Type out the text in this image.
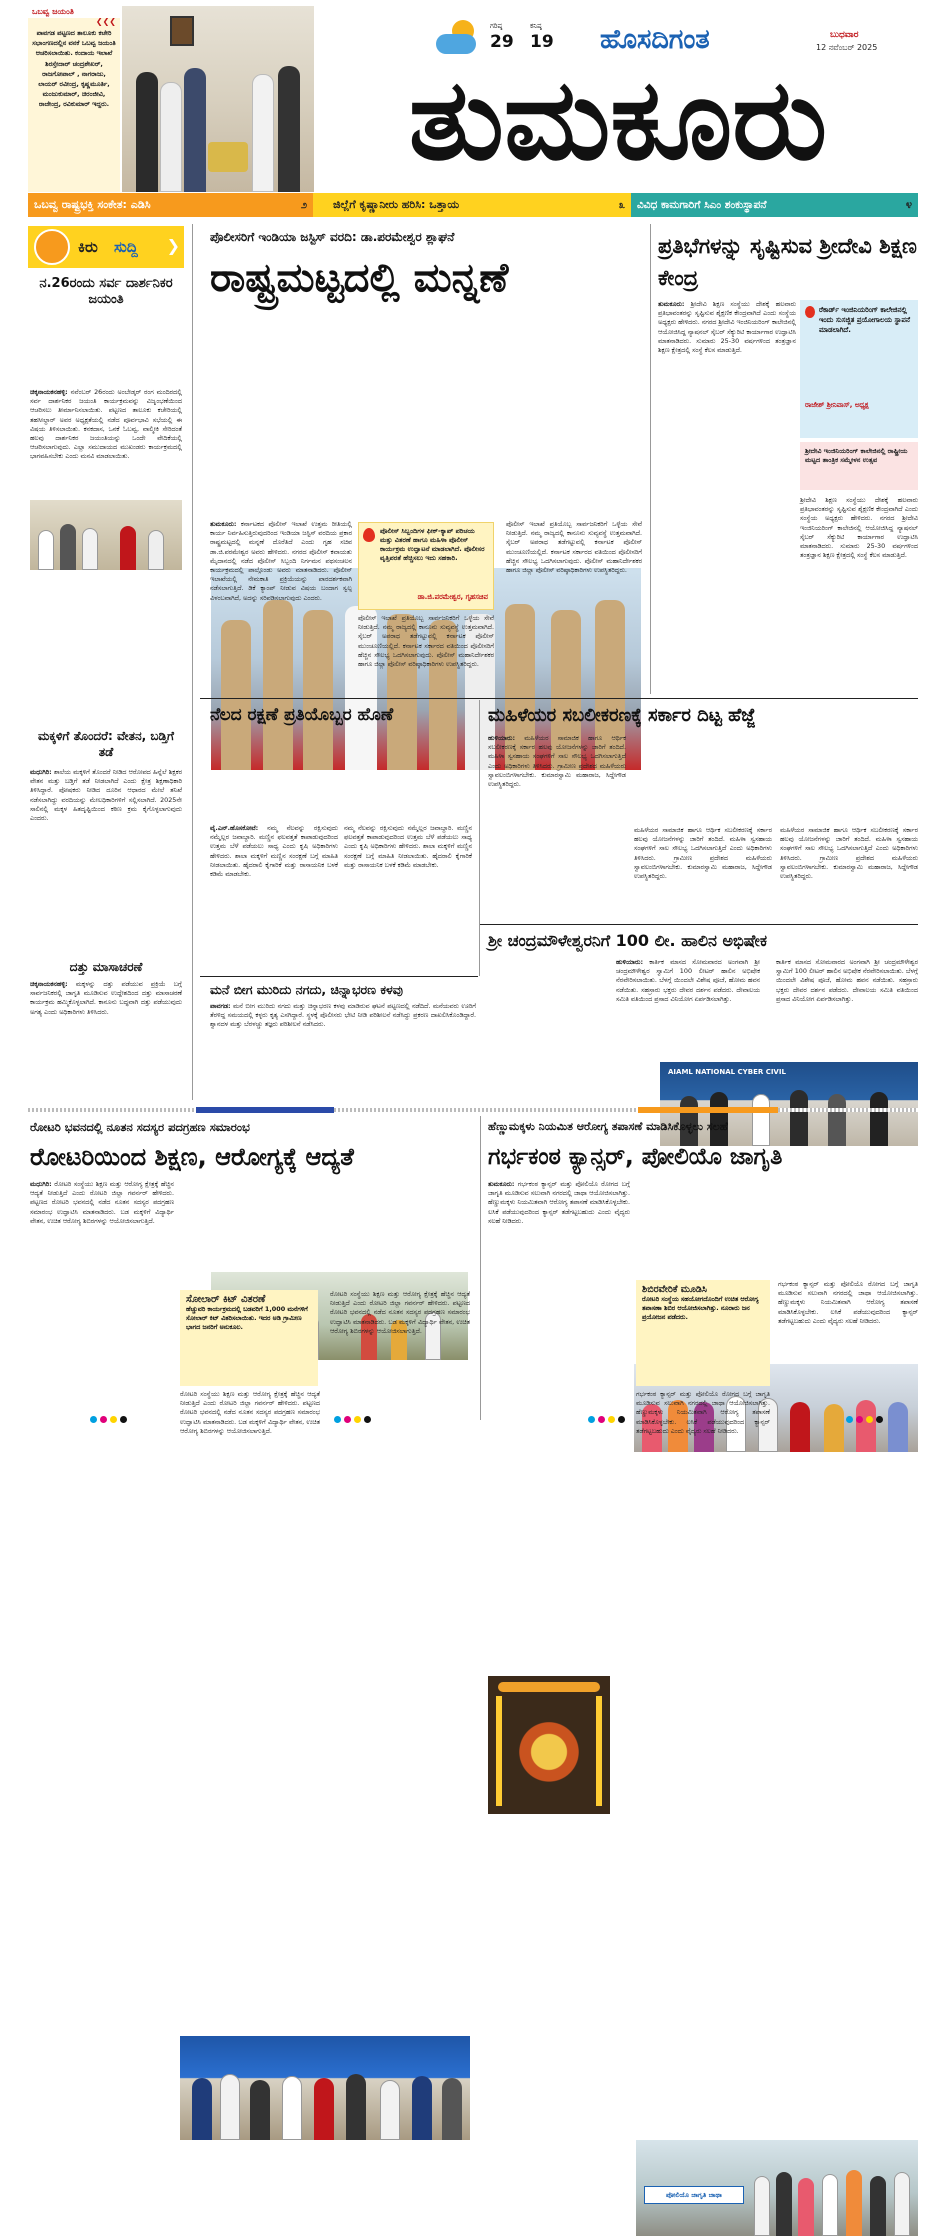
ಒಬವ್ವ ಜಯಂತಿ
❮❮❮
ಪಾವಗಡ ಪಟ್ಟಣದ ತಾಲೂಕು ಕಚೇರಿ ಸಭಾಂಗಣದಲ್ಲಿನ ವನಕೆ ಒಬವ್ವ ಜಯಂತಿ ಆಚರಿಸಲಾಯಿತು. ಕಂದಾಯ ಇಲಾಖೆ ಶಿರಸ್ತೇದಾರ್ ಚಂದ್ರಶೇಖರ್, ರಾಜಗೋಪಾಲ್ , ನಾಗರಾಜು, ಲಾಯರ್ ರವೀಂದ್ರ, ಕೃಷ್ಣಮೂರ್ತಿ, ಮಂಜುಕುಮಾರ್, ಚಿರಂಜೀವಿ, ರಾಜೇಂದ್ರ, ರವಿಕುಮಾರ್ ಇದ್ದರು.
ಗರಿಷ್ಠ
29
ಕನಿಷ್ಠ
19 ಹೊಸದಿಗಂತ	ಬುಧವಾರ
12 ನವೆಂಬರ್ 2025
ತುಮಕೂರು
ಒಬವ್ವ ರಾಷ್ಟ್ರಭಕ್ತಿ ಸಂಕೇತ: ಎಡಿಸಿ	೨ ಜಿಲ್ಲೆಗೆ ಕೃಷ್ಣಾನೀರು ಹರಿಸಿ: ಒತ್ತಾಯ	೩ ವಿವಿಧ ಕಾಮಗಾರಿಗೆ ಸಿಎಂ ಶಂಕುಸ್ಥಾಪನೆ	೪
ಕಿರು ಸುದ್ದಿ ❯
ನ.26ರಂದು ಸರ್ವ ದಾರ್ಶನಿಕರ ಜಯಂತಿ
ಚಿಕ್ಕನಾಯಕನಹಳ್ಳಿ: ನವೆಂಬರ್ 26ರಂದು ಅಂಬೇಡ್ಕರ್ ರಂಗ ಮಂದಿರದಲ್ಲಿ ಸರ್ವ ದಾರ್ಶನಿಕರ ಜಯಂತಿ ಕಾರ್ಯಕ್ರಮವನ್ನು ವಿಜೃಂಭಣೆಯಿಂದ ಆಚರಿಸಲು ತೀರ್ಮಾನಿಸಲಾಯಿತು. ಪಟ್ಟಣದ ತಾಲೂಕು ಕಚೇರಿಯಲ್ಲಿ ತಹಸೀಲ್ದಾರ್ ಅವರ ಅಧ್ಯಕ್ಷತೆಯಲ್ಲಿ ನಡೆದ ಪೂರ್ವಭಾವಿ ಸಭೆಯಲ್ಲಿ ಈ ವಿಷಯ ತಿಳಿಸಲಾಯಿತು. ಕನಕದಾಸ, ಒನಕೆ ಓಬವ್ವ, ವಾಲ್ಮೀಕಿ ಸೇರಿದಂತೆ ಹಲವು ದಾರ್ಶನಿಕರ ಜಯಂತಿಯನ್ನು ಒಂದೇ ವೇದಿಕೆಯಲ್ಲಿ ಆಚರಿಸಲಾಗುವುದು. ಎಲ್ಲಾ ಸಮುದಾಯದ ಮುಖಂಡರು ಕಾರ್ಯಕ್ರಮದಲ್ಲಿ ಭಾಗವಹಿಸಬೇಕು ಎಂದು ಮನವಿ ಮಾಡಲಾಯಿತು.
ಮಕ್ಕಳಿಗೆ ತೊಂದರೆ: ವೇತನ, ಬಡ್ತಿಗೆ ತಡೆ
ಮಧುಗಿರಿ: ಶಾಲೆಯ ಮಕ್ಕಳಿಗೆ ತೊಂದರೆ ನೀಡಿದ ಆರೋಪದ ಹಿನ್ನೆಲೆ ಶಿಕ್ಷಕರ ವೇತನ ಮತ್ತು ಬಡ್ತಿಗೆ ತಡೆ ನೀಡಲಾಗಿದೆ ಎಂದು ಕ್ಷೇತ್ರ ಶಿಕ್ಷಣಾಧಿಕಾರಿ ತಿಳಿಸಿದ್ದಾರೆ. ಪೋಷಕರು ನೀಡಿದ ದೂರಿನ ಆಧಾರದ ಮೇಲೆ ತನಿಖೆ ನಡೆಸಲಾಗಿದ್ದು ವರದಿಯನ್ನು ಮೇಲಧಿಕಾರಿಗಳಿಗೆ ಸಲ್ಲಿಸಲಾಗಿದೆ. 2025ನೇ ಸಾಲಿನಲ್ಲಿ ಮಕ್ಕಳ ಹಿತದೃಷ್ಟಿಯಿಂದ ಕಠಿಣ ಕ್ರಮ ಕೈಗೊಳ್ಳಲಾಗುವುದು ಎಂದರು.
ದತ್ತು ಮಾಸಾಚರಣೆ
ಚಿಕ್ಕನಾಯಕನಹಳ್ಳಿ: ಮಕ್ಕಳನ್ನು ದತ್ತು ಪಡೆಯುವ ಪ್ರಕ್ರಿಯೆ ಬಗ್ಗೆ ಸಾರ್ವಜನಿಕರಲ್ಲಿ ಜಾಗೃತಿ ಮೂಡಿಸುವ ಉದ್ದೇಶದಿಂದ ದತ್ತು ಮಾಸಾಚರಣೆ ಕಾರ್ಯಕ್ರಮ ಹಮ್ಮಿಕೊಳ್ಳಲಾಗಿದೆ. ಕಾನೂನು ಬದ್ಧವಾಗಿ ದತ್ತು ಪಡೆಯುವುದು ಅಗತ್ಯ ಎಂದು ಅಧಿಕಾರಿಗಳು ತಿಳಿಸಿದರು.
ಪೊಲೀಸರಿಗೆ ಇಂಡಿಯಾ ಜಸ್ಟಿಸ್ ವರದಿ: ಡಾ.ಪರಮೇಶ್ವರ ಶ್ಲಾಘನೆ
ರಾಷ್ಟ್ರಮಟ್ಟದಲ್ಲಿ ಮನ್ನಣೆ
ತುಮಕೂರು: ಕರ್ನಾಟಕದ ಪೊಲೀಸ್ ಇಲಾಖೆ ಉತ್ತಮ ರೀತಿಯಲ್ಲಿ ಕಾರ್ಯ ನಿರ್ವಹಿಸುತ್ತಿರುವುದರಿಂದ ಇಂಡಿಯಾ ಜಸ್ಟಿಸ್ ವರದಿಯ ಪ್ರಕಾರ ರಾಷ್ಟ್ರಮಟ್ಟದಲ್ಲಿ ಮನ್ನಣೆ ದೊರೆತಿದೆ ಎಂದು ಗೃಹ ಸಚಿವ ಡಾ.ಜಿ.ಪರಮೇಶ್ವರ ಅವರು ಹೇಳಿದರು. ನಗರದ ಪೊಲೀಸ್ ಕವಾಯತು ಮೈದಾನದಲ್ಲಿ ನಡೆದ ಪೊಲೀಸ್ ಸಿಬ್ಬಂದಿ ನಿರ್ಗಮನ ಪಥಸಂಚಲನ ಕಾರ್ಯಕ್ರಮದಲ್ಲಿ ಪಾಲ್ಗೊಂಡು ಅವರು ಮಾತನಾಡಿದರು. ಪೊಲೀಸ್ ಇಲಾಖೆಯಲ್ಲಿ ನೇಮಕಾತಿ ಪ್ರಕ್ರಿಯೆಯನ್ನು ಪಾರದರ್ಶಕವಾಗಿ ನಡೆಸಲಾಗುತ್ತಿದೆ. ಡಿಕೆ ಕ್ಯಾಂಪ್ ನೀಡುವ ವಿಷಯ ಬಂದಾಗ ಸ್ವಲ್ಪ ವಿಳಂಬವಾಗಿದೆ, ಅದನ್ನು ಸರಿಪಡಿಸಲಾಗುವುದು ಎಂದರು.
ಪೊಲೀಸ್ ಸಿಬ್ಬಂದಿಗಳ ಫೀಕ್-ಕ್ಯಾಪ್ ಪರಿಚಯ ಮತ್ತು ವಿತರಣೆ ಹಾಗೂ ಮಹಿಳಾ ಪೊಲೀಸ್ ಕಾರ್ಯಕ್ರಮ ಉದ್ಘಾಟನೆ ಮಾಡಲಾಗಿದೆ. ಪೊಲೀಸರ ವೃತ್ತಿಪರತೆ ಹೆಚ್ಚಿಸಲು ಇದು ಸಹಕಾರಿ.
ಡಾ.ಜಿ.ಪರಮೇಶ್ವರ, ಗೃಹಸಚಿವ
ಪೊಲೀಸ್ ಇಲಾಖೆ ಪ್ರತಿಯೊಬ್ಬ ಸಾರ್ವಜನಿಕರಿಗೆ ಒಳ್ಳೆಯ ಸೇವೆ ನೀಡುತ್ತಿದೆ. ನಮ್ಮ ರಾಜ್ಯದಲ್ಲಿ ಕಾನೂನು ಸುವ್ಯವಸ್ಥೆ ಉತ್ತಮವಾಗಿದೆ. ಸೈಬರ್ ಅಪರಾಧ ತಡೆಗಟ್ಟುವಲ್ಲಿ ಕರ್ನಾಟಕ ಪೊಲೀಸ್ ಮುಂಚೂಣಿಯಲ್ಲಿದೆ. ಕರ್ನಾಟಕ ಸರ್ಕಾರದ ವತಿಯಿಂದ ಪೊಲೀಸರಿಗೆ ಹೆಚ್ಚಿನ ಸೌಲಭ್ಯ ಒದಗಿಸಲಾಗುವುದು. ಪೊಲೀಸ್ ಮಹಾನಿರ್ದೇಶಕರ ಹಾಗೂ ಜಿಲ್ಲಾ ಪೊಲೀಸ್ ವರಿಷ್ಠಾಧಿಕಾರಿಗಳು ಉಪಸ್ಥಿತರಿದ್ದರು.
ಪೊಲೀಸ್ ಇಲಾಖೆ ಪ್ರತಿಯೊಬ್ಬ ಸಾರ್ವಜನಿಕರಿಗೆ ಒಳ್ಳೆಯ ಸೇವೆ ನೀಡುತ್ತಿದೆ. ನಮ್ಮ ರಾಜ್ಯದಲ್ಲಿ ಕಾನೂನು ಸುವ್ಯವಸ್ಥೆ ಉತ್ತಮವಾಗಿದೆ. ಸೈಬರ್ ಅಪರಾಧ ತಡೆಗಟ್ಟುವಲ್ಲಿ ಕರ್ನಾಟಕ ಪೊಲೀಸ್ ಮುಂಚೂಣಿಯಲ್ಲಿದೆ. ಕರ್ನಾಟಕ ಸರ್ಕಾರದ ವತಿಯಿಂದ ಪೊಲೀಸರಿಗೆ ಹೆಚ್ಚಿನ ಸೌಲಭ್ಯ ಒದಗಿಸಲಾಗುವುದು. ಪೊಲೀಸ್ ಮಹಾನಿರ್ದೇಶಕರ ಹಾಗೂ ಜಿಲ್ಲಾ ಪೊಲೀಸ್ ವರಿಷ್ಠಾಧಿಕಾರಿಗಳು ಉಪಸ್ಥಿತರಿದ್ದರು.
ಪ್ರತಿಭೆಗಳನ್ನು ಸೃಷ್ಟಿಸುವ ಶ್ರೀದೇವಿ ಶಿಕ್ಷಣ ಕೇಂದ್ರ
ತುಮಕೂರು: ಶ್ರೀದೇವಿ ಶಿಕ್ಷಣ ಸಂಸ್ಥೆಯು ದೇಶಕ್ಕೆ ಹಲವಾರು ಪ್ರತಿಭಾವಂತರನ್ನು ಸೃಷ್ಟಿಸುವ ಶೈಕ್ಷಣಿಕ ಕೇಂದ್ರವಾಗಿದೆ ಎಂದು ಸಂಸ್ಥೆಯ ಅಧ್ಯಕ್ಷರು ಹೇಳಿದರು. ನಗರದ ಶ್ರೀದೇವಿ ಇಂಜಿನಿಯರಿಂಗ್ ಕಾಲೇಜಿನಲ್ಲಿ ಆಯೋಜಿಸಿದ್ದ ನ್ಯಾಷನಲ್ ಸೈಬರ್ ಸೆಕ್ಯುರಿಟಿ ಕಾರ್ಯಾಗಾರ ಉದ್ಘಾಟಿಸಿ ಮಾತನಾಡಿದರು. ಸುಮಾರು 25-30 ವರ್ಷಗಳಿಂದ ತಂತ್ರಜ್ಞಾನ ಶಿಕ್ಷಣ ಕ್ಷೇತ್ರದಲ್ಲಿ ಸಂಸ್ಥೆ ಕೆಲಸ ಮಾಡುತ್ತಿದೆ.
ರೆಕಾರ್ಡ್ ಇಂಜಿನಿಯರಿಂಗ್ ಕಾಲೇಜಿನಲ್ಲಿ ಇಂದು ಸುಸಜ್ಜಿತ ಪ್ರಯೋಗಾಲಯ ಸ್ಥಾಪನೆ ಮಾಡಲಾಗಿದೆ.
ರಾಜೇಶ್ ಶ್ರೀನಿವಾಸ್, ಅಧ್ಯಕ್ಷ
ಶ್ರೀದೇವಿ ಇಂಜಿನಿಯರಿಂಗ್ ಕಾಲೇಜಿನಲ್ಲಿ ರಾಷ್ಟ್ರೀಯ ಮಟ್ಟದ ತಾಂತ್ರಿಕ ಸಮ್ಮೇಳನ ಉತ್ಸವ
ಶ್ರೀದೇವಿ ಶಿಕ್ಷಣ ಸಂಸ್ಥೆಯು ದೇಶಕ್ಕೆ ಹಲವಾರು ಪ್ರತಿಭಾವಂತರನ್ನು ಸೃಷ್ಟಿಸುವ ಶೈಕ್ಷಣಿಕ ಕೇಂದ್ರವಾಗಿದೆ ಎಂದು ಸಂಸ್ಥೆಯ ಅಧ್ಯಕ್ಷರು ಹೇಳಿದರು. ನಗರದ ಶ್ರೀದೇವಿ ಇಂಜಿನಿಯರಿಂಗ್ ಕಾಲೇಜಿನಲ್ಲಿ ಆಯೋಜಿಸಿದ್ದ ನ್ಯಾಷನಲ್ ಸೈಬರ್ ಸೆಕ್ಯುರಿಟಿ ಕಾರ್ಯಾಗಾರ ಉದ್ಘಾಟಿಸಿ ಮಾತನಾಡಿದರು. ಸುಮಾರು 25-30 ವರ್ಷಗಳಿಂದ ತಂತ್ರಜ್ಞಾನ ಶಿಕ್ಷಣ ಕ್ಷೇತ್ರದಲ್ಲಿ ಸಂಸ್ಥೆ ಕೆಲಸ ಮಾಡುತ್ತಿದೆ.
AIAML NATIONAL CYBER CIVIL
ನೆಲದ ರಕ್ಷಣೆ ಪ್ರತಿಯೊಬ್ಬರ ಹೊಣೆ
ವೈ.ಎನ್.ಹೊಸಕೋಟೆ: ನಮ್ಮ ನೆಲವನ್ನು ರಕ್ಷಿಸುವುದು ನಮ್ಮೆಲ್ಲರ ಜವಾಬ್ದಾರಿ. ಮಣ್ಣಿನ ಫಲವತ್ತತೆ ಕಾಪಾಡುವುದರಿಂದ ಉತ್ತಮ ಬೆಳೆ ಪಡೆಯಲು ಸಾಧ್ಯ ಎಂದು ಕೃಷಿ ಅಧಿಕಾರಿಗಳು ಹೇಳಿದರು. ಶಾಲಾ ಮಕ್ಕಳಿಗೆ ಮಣ್ಣಿನ ಸಂರಕ್ಷಣೆ ಬಗ್ಗೆ ಮಾಹಿತಿ ನೀಡಲಾಯಿತು. ಹೈದರಾಲಿ ಕೈಗಾರಿಕೆ ಮತ್ತು ರಾಸಾಯನಿಕ ಬಳಕೆ ಕಡಿಮೆ ಮಾಡಬೇಕು.
ನಮ್ಮ ನೆಲವನ್ನು ರಕ್ಷಿಸುವುದು ನಮ್ಮೆಲ್ಲರ ಜವಾಬ್ದಾರಿ. ಮಣ್ಣಿನ ಫಲವತ್ತತೆ ಕಾಪಾಡುವುದರಿಂದ ಉತ್ತಮ ಬೆಳೆ ಪಡೆಯಲು ಸಾಧ್ಯ ಎಂದು ಕೃಷಿ ಅಧಿಕಾರಿಗಳು ಹೇಳಿದರು. ಶಾಲಾ ಮಕ್ಕಳಿಗೆ ಮಣ್ಣಿನ ಸಂರಕ್ಷಣೆ ಬಗ್ಗೆ ಮಾಹಿತಿ ನೀಡಲಾಯಿತು. ಹೈದರಾಲಿ ಕೈಗಾರಿಕೆ ಮತ್ತು ರಾಸಾಯನಿಕ ಬಳಕೆ ಕಡಿಮೆ ಮಾಡಬೇಕು.
ಮಹಿಳೆಯರ ಸಬಲೀಕರಣಕ್ಕೆ ಸರ್ಕಾರ ದಿಟ್ಟ ಹೆಜ್ಜೆ
ಹುಳಿಯಾರು: ಮಹಿಳೆಯರ ಸಾಮಾಜಿಕ ಹಾಗೂ ಆರ್ಥಿಕ ಸಬಲೀಕರಣಕ್ಕೆ ಸರ್ಕಾರ ಹಲವು ಯೋಜನೆಗಳನ್ನು ಜಾರಿಗೆ ತಂದಿದೆ. ಮಹಿಳಾ ಸ್ವಸಹಾಯ ಸಂಘಗಳಿಗೆ ಸಾಲ ಸೌಲಭ್ಯ ಒದಗಿಸಲಾಗುತ್ತಿದೆ ಎಂದು ಅಧಿಕಾರಿಗಳು ತಿಳಿಸಿದರು. ಗ್ರಾಮೀಣ ಪ್ರದೇಶದ ಮಹಿಳೆಯರು ಸ್ವಾವಲಂಬಿಗಳಾಗಬೇಕು. ಕುಮಾರಸ್ವಾಮಿ ಮಹಾರಾಜ, ಸಿದ್ದೇಗೌಡ ಉಪಸ್ಥಿತರಿದ್ದರು.
ಮಹಿಳೆಯರ ಸಾಮಾಜಿಕ ಹಾಗೂ ಆರ್ಥಿಕ ಸಬಲೀಕರಣಕ್ಕೆ ಸರ್ಕಾರ ಹಲವು ಯೋಜನೆಗಳನ್ನು ಜಾರಿಗೆ ತಂದಿದೆ. ಮಹಿಳಾ ಸ್ವಸಹಾಯ ಸಂಘಗಳಿಗೆ ಸಾಲ ಸೌಲಭ್ಯ ಒದಗಿಸಲಾಗುತ್ತಿದೆ ಎಂದು ಅಧಿಕಾರಿಗಳು ತಿಳಿಸಿದರು. ಗ್ರಾಮೀಣ ಪ್ರದೇಶದ ಮಹಿಳೆಯರು ಸ್ವಾವಲಂಬಿಗಳಾಗಬೇಕು. ಕುಮಾರಸ್ವಾಮಿ ಮಹಾರಾಜ, ಸಿದ್ದೇಗೌಡ ಉಪಸ್ಥಿತರಿದ್ದರು.
ಮಹಿಳೆಯರ ಸಾಮಾಜಿಕ ಹಾಗೂ ಆರ್ಥಿಕ ಸಬಲೀಕರಣಕ್ಕೆ ಸರ್ಕಾರ ಹಲವು ಯೋಜನೆಗಳನ್ನು ಜಾರಿಗೆ ತಂದಿದೆ. ಮಹಿಳಾ ಸ್ವಸಹಾಯ ಸಂಘಗಳಿಗೆ ಸಾಲ ಸೌಲಭ್ಯ ಒದಗಿಸಲಾಗುತ್ತಿದೆ ಎಂದು ಅಧಿಕಾರಿಗಳು ತಿಳಿಸಿದರು. ಗ್ರಾಮೀಣ ಪ್ರದೇಶದ ಮಹಿಳೆಯರು ಸ್ವಾವಲಂಬಿಗಳಾಗಬೇಕು. ಕುಮಾರಸ್ವಾಮಿ ಮಹಾರಾಜ, ಸಿದ್ದೇಗೌಡ ಉಪಸ್ಥಿತರಿದ್ದರು.
ಮನೆ ಬೀಗ ಮುರಿದು ನಗದು, ಚಿನ್ನಾಭರಣ ಕಳವು
ಪಾವಗಡ: ಮನೆ ಬೀಗ ಮುರಿದು ನಗದು ಮತ್ತು ಚಿನ್ನಾಭರಣ ಕಳವು ಮಾಡಿರುವ ಘಟನೆ ಪಟ್ಟಣದಲ್ಲಿ ನಡೆದಿದೆ. ಮನೆಯವರು ಊರಿಗೆ ತೆರಳಿದ್ದ ಸಮಯದಲ್ಲಿ ಕಳ್ಳರು ಕೃತ್ಯ ಎಸಗಿದ್ದಾರೆ. ಸ್ಥಳಕ್ಕೆ ಪೊಲೀಸರು ಭೇಟಿ ನೀಡಿ ಪರಿಶೀಲನೆ ನಡೆಸಿದ್ದು ಪ್ರಕರಣ ದಾಖಲಿಸಿಕೊಂಡಿದ್ದಾರೆ. ಶ್ವಾನದಳ ಮತ್ತು ಬೆರಳಚ್ಚು ತಜ್ಞರು ಪರಿಶೀಲನೆ ನಡೆಸಿದರು.
ಶ್ರೀ ಚಂದ್ರಮೌಳೇಶ್ವರನಿಗೆ 100 ಲೀ. ಹಾಲಿನ ಅಭಿಷೇಕ
ಹುಳಿಯಾರು: ಕಾರ್ತಿಕ ಮಾಸದ ಸೋಮವಾರದ ಅಂಗವಾಗಿ ಶ್ರೀ ಚಂದ್ರಮೌಳೇಶ್ವರ ಸ್ವಾಮಿಗೆ 100 ಲೀಟರ್ ಹಾಲಿನ ಅಭಿಷೇಕ ನೆರವೇರಿಸಲಾಯಿತು. ಬೆಳಗ್ಗೆ ಯಿಂದಲೇ ವಿಶೇಷ ಪೂಜೆ, ಹೋಮ ಹವನ ನಡೆಯಿತು. ಸಹಸ್ರಾರು ಭಕ್ತರು ದೇವರ ದರ್ಶನ ಪಡೆದರು. ದೇವಾಲಯ ಸಮಿತಿ ವತಿಯಿಂದ ಪ್ರಸಾದ ವಿನಿಯೋಗ ಏರ್ಪಡಿಸಲಾಗಿತ್ತು.
ಕಾರ್ತಿಕ ಮಾಸದ ಸೋಮವಾರದ ಅಂಗವಾಗಿ ಶ್ರೀ ಚಂದ್ರಮೌಳೇಶ್ವರ ಸ್ವಾಮಿಗೆ 100 ಲೀಟರ್ ಹಾಲಿನ ಅಭಿಷೇಕ ನೆರವೇರಿಸಲಾಯಿತು. ಬೆಳಗ್ಗೆ ಯಿಂದಲೇ ವಿಶೇಷ ಪೂಜೆ, ಹೋಮ ಹವನ ನಡೆಯಿತು. ಸಹಸ್ರಾರು ಭಕ್ತರು ದೇವರ ದರ್ಶನ ಪಡೆದರು. ದೇವಾಲಯ ಸಮಿತಿ ವತಿಯಿಂದ ಪ್ರಸಾದ ವಿನಿಯೋಗ ಏರ್ಪಡಿಸಲಾಗಿತ್ತು.
ರೋಟರಿ ಭವನದಲ್ಲಿ ನೂತನ ಸದಸ್ಯರ ಪದಗ್ರಹಣ ಸಮಾರಂಭ
ರೋಟರಿಯಿಂದ ಶಿಕ್ಷಣ, ಆರೋಗ್ಯಕ್ಕೆ ಆದ್ಯತೆ
ಮಧುಗಿರಿ: ರೋಟರಿ ಸಂಸ್ಥೆಯು ಶಿಕ್ಷಣ ಮತ್ತು ಆರೋಗ್ಯ ಕ್ಷೇತ್ರಕ್ಕೆ ಹೆಚ್ಚಿನ ಆದ್ಯತೆ ನೀಡುತ್ತಿದೆ ಎಂದು ರೋಟರಿ ಜಿಲ್ಲಾ ಗವರ್ನರ್ ಹೇಳಿದರು. ಪಟ್ಟಣದ ರೋಟರಿ ಭವನದಲ್ಲಿ ನಡೆದ ನೂತನ ಸದಸ್ಯರ ಪದಗ್ರಹಣ ಸಮಾರಂಭ ಉದ್ಘಾಟಿಸಿ ಮಾತನಾಡಿದರು. ಬಡ ಮಕ್ಕಳಿಗೆ ವಿದ್ಯಾರ್ಥಿ ವೇತನ, ಉಚಿತ ಆರೋಗ್ಯ ಶಿಬಿರಗಳನ್ನು ಆಯೋಜಿಸಲಾಗುತ್ತಿದೆ.
ಸೋಲಾರ್ ಕಿಟ್ ವಿತರಣೆ
ಹೆಚ್ಚುವರಿ ಕಾರ್ಯಕ್ರಮದಲ್ಲಿ ಬಡವರಿಗೆ 1,000 ಮನೆಗಳಿಗೆ ಸೋಲಾರ್ ಕಿಟ್ ವಿತರಿಸಲಾಯಿತು. ಇದರ ಅಡಿ ಗ್ರಾಮೀಣ ಭಾಗದ ಜನರಿಗೆ ಅನುಕೂಲ.
ರೋಟರಿ ಸಂಸ್ಥೆಯು ಶಿಕ್ಷಣ ಮತ್ತು ಆರೋಗ್ಯ ಕ್ಷೇತ್ರಕ್ಕೆ ಹೆಚ್ಚಿನ ಆದ್ಯತೆ ನೀಡುತ್ತಿದೆ ಎಂದು ರೋಟರಿ ಜಿಲ್ಲಾ ಗವರ್ನರ್ ಹೇಳಿದರು. ಪಟ್ಟಣದ ರೋಟರಿ ಭವನದಲ್ಲಿ ನಡೆದ ನೂತನ ಸದಸ್ಯರ ಪದಗ್ರಹಣ ಸಮಾರಂಭ ಉದ್ಘಾಟಿಸಿ ಮಾತನಾಡಿದರು. ಬಡ ಮಕ್ಕಳಿಗೆ ವಿದ್ಯಾರ್ಥಿ ವೇತನ, ಉಚಿತ ಆರೋಗ್ಯ ಶಿಬಿರಗಳನ್ನು ಆಯೋಜಿಸಲಾಗುತ್ತಿದೆ.
ರೋಟರಿ ಸಂಸ್ಥೆಯು ಶಿಕ್ಷಣ ಮತ್ತು ಆರೋಗ್ಯ ಕ್ಷೇತ್ರಕ್ಕೆ ಹೆಚ್ಚಿನ ಆದ್ಯತೆ ನೀಡುತ್ತಿದೆ ಎಂದು ರೋಟರಿ ಜಿಲ್ಲಾ ಗವರ್ನರ್ ಹೇಳಿದರು. ಪಟ್ಟಣದ ರೋಟರಿ ಭವನದಲ್ಲಿ ನಡೆದ ನೂತನ ಸದಸ್ಯರ ಪದಗ್ರಹಣ ಸಮಾರಂಭ ಉದ್ಘಾಟಿಸಿ ಮಾತನಾಡಿದರು. ಬಡ ಮಕ್ಕಳಿಗೆ ವಿದ್ಯಾರ್ಥಿ ವೇತನ, ಉಚಿತ ಆರೋಗ್ಯ ಶಿಬಿರಗಳನ್ನು ಆಯೋಜಿಸಲಾಗುತ್ತಿದೆ.
ಹೆಣ್ಣುಮಕ್ಕಳು ನಿಯಮಿತ ಆರೋಗ್ಯ ತಪಾಸಣೆ ಮಾಡಿಸಿಕೊಳ್ಳಲು ಸಲಹೆ
ಗರ್ಭಕಂಠ ಕ್ಯಾನ್ಸರ್, ಪೋಲಿಯೊ ಜಾಗೃತಿ
ತುಮಕೂರು: ಗರ್ಭಕಂಠ ಕ್ಯಾನ್ಸರ್ ಮತ್ತು ಪೋಲಿಯೊ ರೋಗದ ಬಗ್ಗೆ ಜಾಗೃತಿ ಮೂಡಿಸುವ ಸಲುವಾಗಿ ನಗರದಲ್ಲಿ ಜಾಥಾ ಆಯೋಜಿಸಲಾಗಿತ್ತು. ಹೆಣ್ಣುಮಕ್ಕಳು ನಿಯಮಿತವಾಗಿ ಆರೋಗ್ಯ ತಪಾಸಣೆ ಮಾಡಿಸಿಕೊಳ್ಳಬೇಕು. ಲಸಿಕೆ ಪಡೆಯುವುದರಿಂದ ಕ್ಯಾನ್ಸರ್ ತಡೆಗಟ್ಟಬಹುದು ಎಂದು ವೈದ್ಯರು ಸಲಹೆ ನೀಡಿದರು.
ಪೋಲಿಯೊ ಜಾಗೃತಿ ಜಾಥಾ
ಶಿಬಿರವೇರಿಕೆ ಮೂಡಿಸಿ
ರೋಟರಿ ಸಂಸ್ಥೆಯ ಸಹಯೋಗದೊಂದಿಗೆ ಉಚಿತ ಆರೋಗ್ಯ ತಪಾಸಣಾ ಶಿಬಿರ ಆಯೋಜಿಸಲಾಗಿತ್ತು. ನೂರಾರು ಜನ ಪ್ರಯೋಜನ ಪಡೆದರು.
ಗರ್ಭಕಂಠ ಕ್ಯಾನ್ಸರ್ ಮತ್ತು ಪೋಲಿಯೊ ರೋಗದ ಬಗ್ಗೆ ಜಾಗೃತಿ ಮೂಡಿಸುವ ಸಲುವಾಗಿ ನಗರದಲ್ಲಿ ಜಾಥಾ ಆಯೋಜಿಸಲಾಗಿತ್ತು. ಹೆಣ್ಣುಮಕ್ಕಳು ನಿಯಮಿತವಾಗಿ ಆರೋಗ್ಯ ತಪಾಸಣೆ ಮಾಡಿಸಿಕೊಳ್ಳಬೇಕು. ಲಸಿಕೆ ಪಡೆಯುವುದರಿಂದ ಕ್ಯಾನ್ಸರ್ ತಡೆಗಟ್ಟಬಹುದು ಎಂದು ವೈದ್ಯರು ಸಲಹೆ ನೀಡಿದರು.
ಗರ್ಭಕಂಠ ಕ್ಯಾನ್ಸರ್ ಮತ್ತು ಪೋಲಿಯೊ ರೋಗದ ಬಗ್ಗೆ ಜಾಗೃತಿ ಮೂಡಿಸುವ ಸಲುವಾಗಿ ನಗರದಲ್ಲಿ ಜಾಥಾ ಆಯೋಜಿಸಲಾಗಿತ್ತು. ಹೆಣ್ಣುಮಕ್ಕಳು ನಿಯಮಿತವಾಗಿ ಆರೋಗ್ಯ ತಪಾಸಣೆ ಮಾಡಿಸಿಕೊಳ್ಳಬೇಕು. ಲಸಿಕೆ ಪಡೆಯುವುದರಿಂದ ಕ್ಯಾನ್ಸರ್ ತಡೆಗಟ್ಟಬಹುದು ಎಂದು ವೈದ್ಯರು ಸಲಹೆ ನೀಡಿದರು.
